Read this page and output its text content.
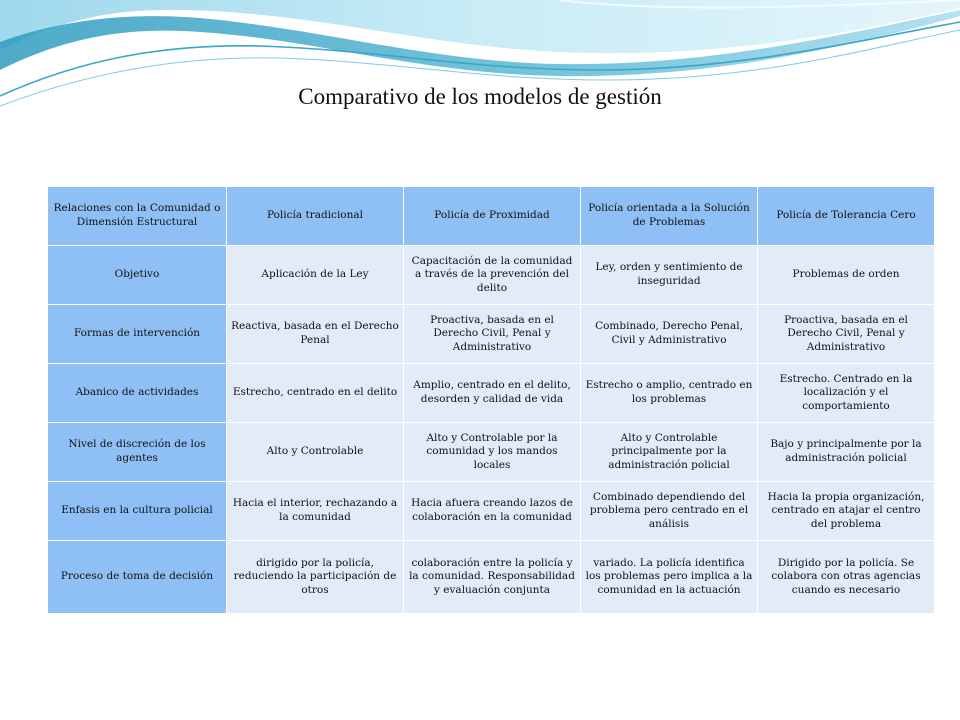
Comparativo de los modelos de gestión
Relaciones con la Comunidad o Dimensión Estructural	Policía tradicional	Policía de Proximidad	Policía orientada a la Solución de Problemas	Policía de Tolerancia Cero
Objetivo	Aplicación de la Ley	Capacitación de la comunidad a través de la prevención del delito	Ley, orden y sentimiento de inseguridad	Problemas de orden
Formas de intervención	Reactiva, basada en el Derecho Penal	Proactiva, basada en el Derecho Civil, Penal y Administrativo	Combinado, Derecho Penal, Civil y Administrativo	Proactiva, basada en el Derecho Civil, Penal y Administrativo
Abanico de actividades	Estrecho, centrado en el delito	Amplio, centrado en el delito, desorden y calidad de vida	Estrecho o amplio, centrado en los problemas	Estrecho. Centrado en la localización y el comportamiento
Nivel de discreción de los agentes	Alto y Controlable	Alto y Controlable por la comunidad y los mandos locales	Alto y Controlable principalmente por la administración policial	Bajo y principalmente por la administración policial
Enfasis en la cultura policial	Hacia el interior, rechazando a la comunidad	Hacia afuera creando lazos de colaboración en la comunidad	Combinado dependiendo del problema pero centrado en el análisis	Hacia la propia organización, centrado en atajar el centro del problema
Proceso de toma de decisión	dirigido por la policía, reduciendo la participación de otros	colaboración entre la policía y la comunidad. Responsabilidad y evaluación conjunta	variado. La policía identifica los problemas pero implica a la comunidad en la actuación	Dirigido por la policía. Se colabora con otras agencias cuando es necesario
